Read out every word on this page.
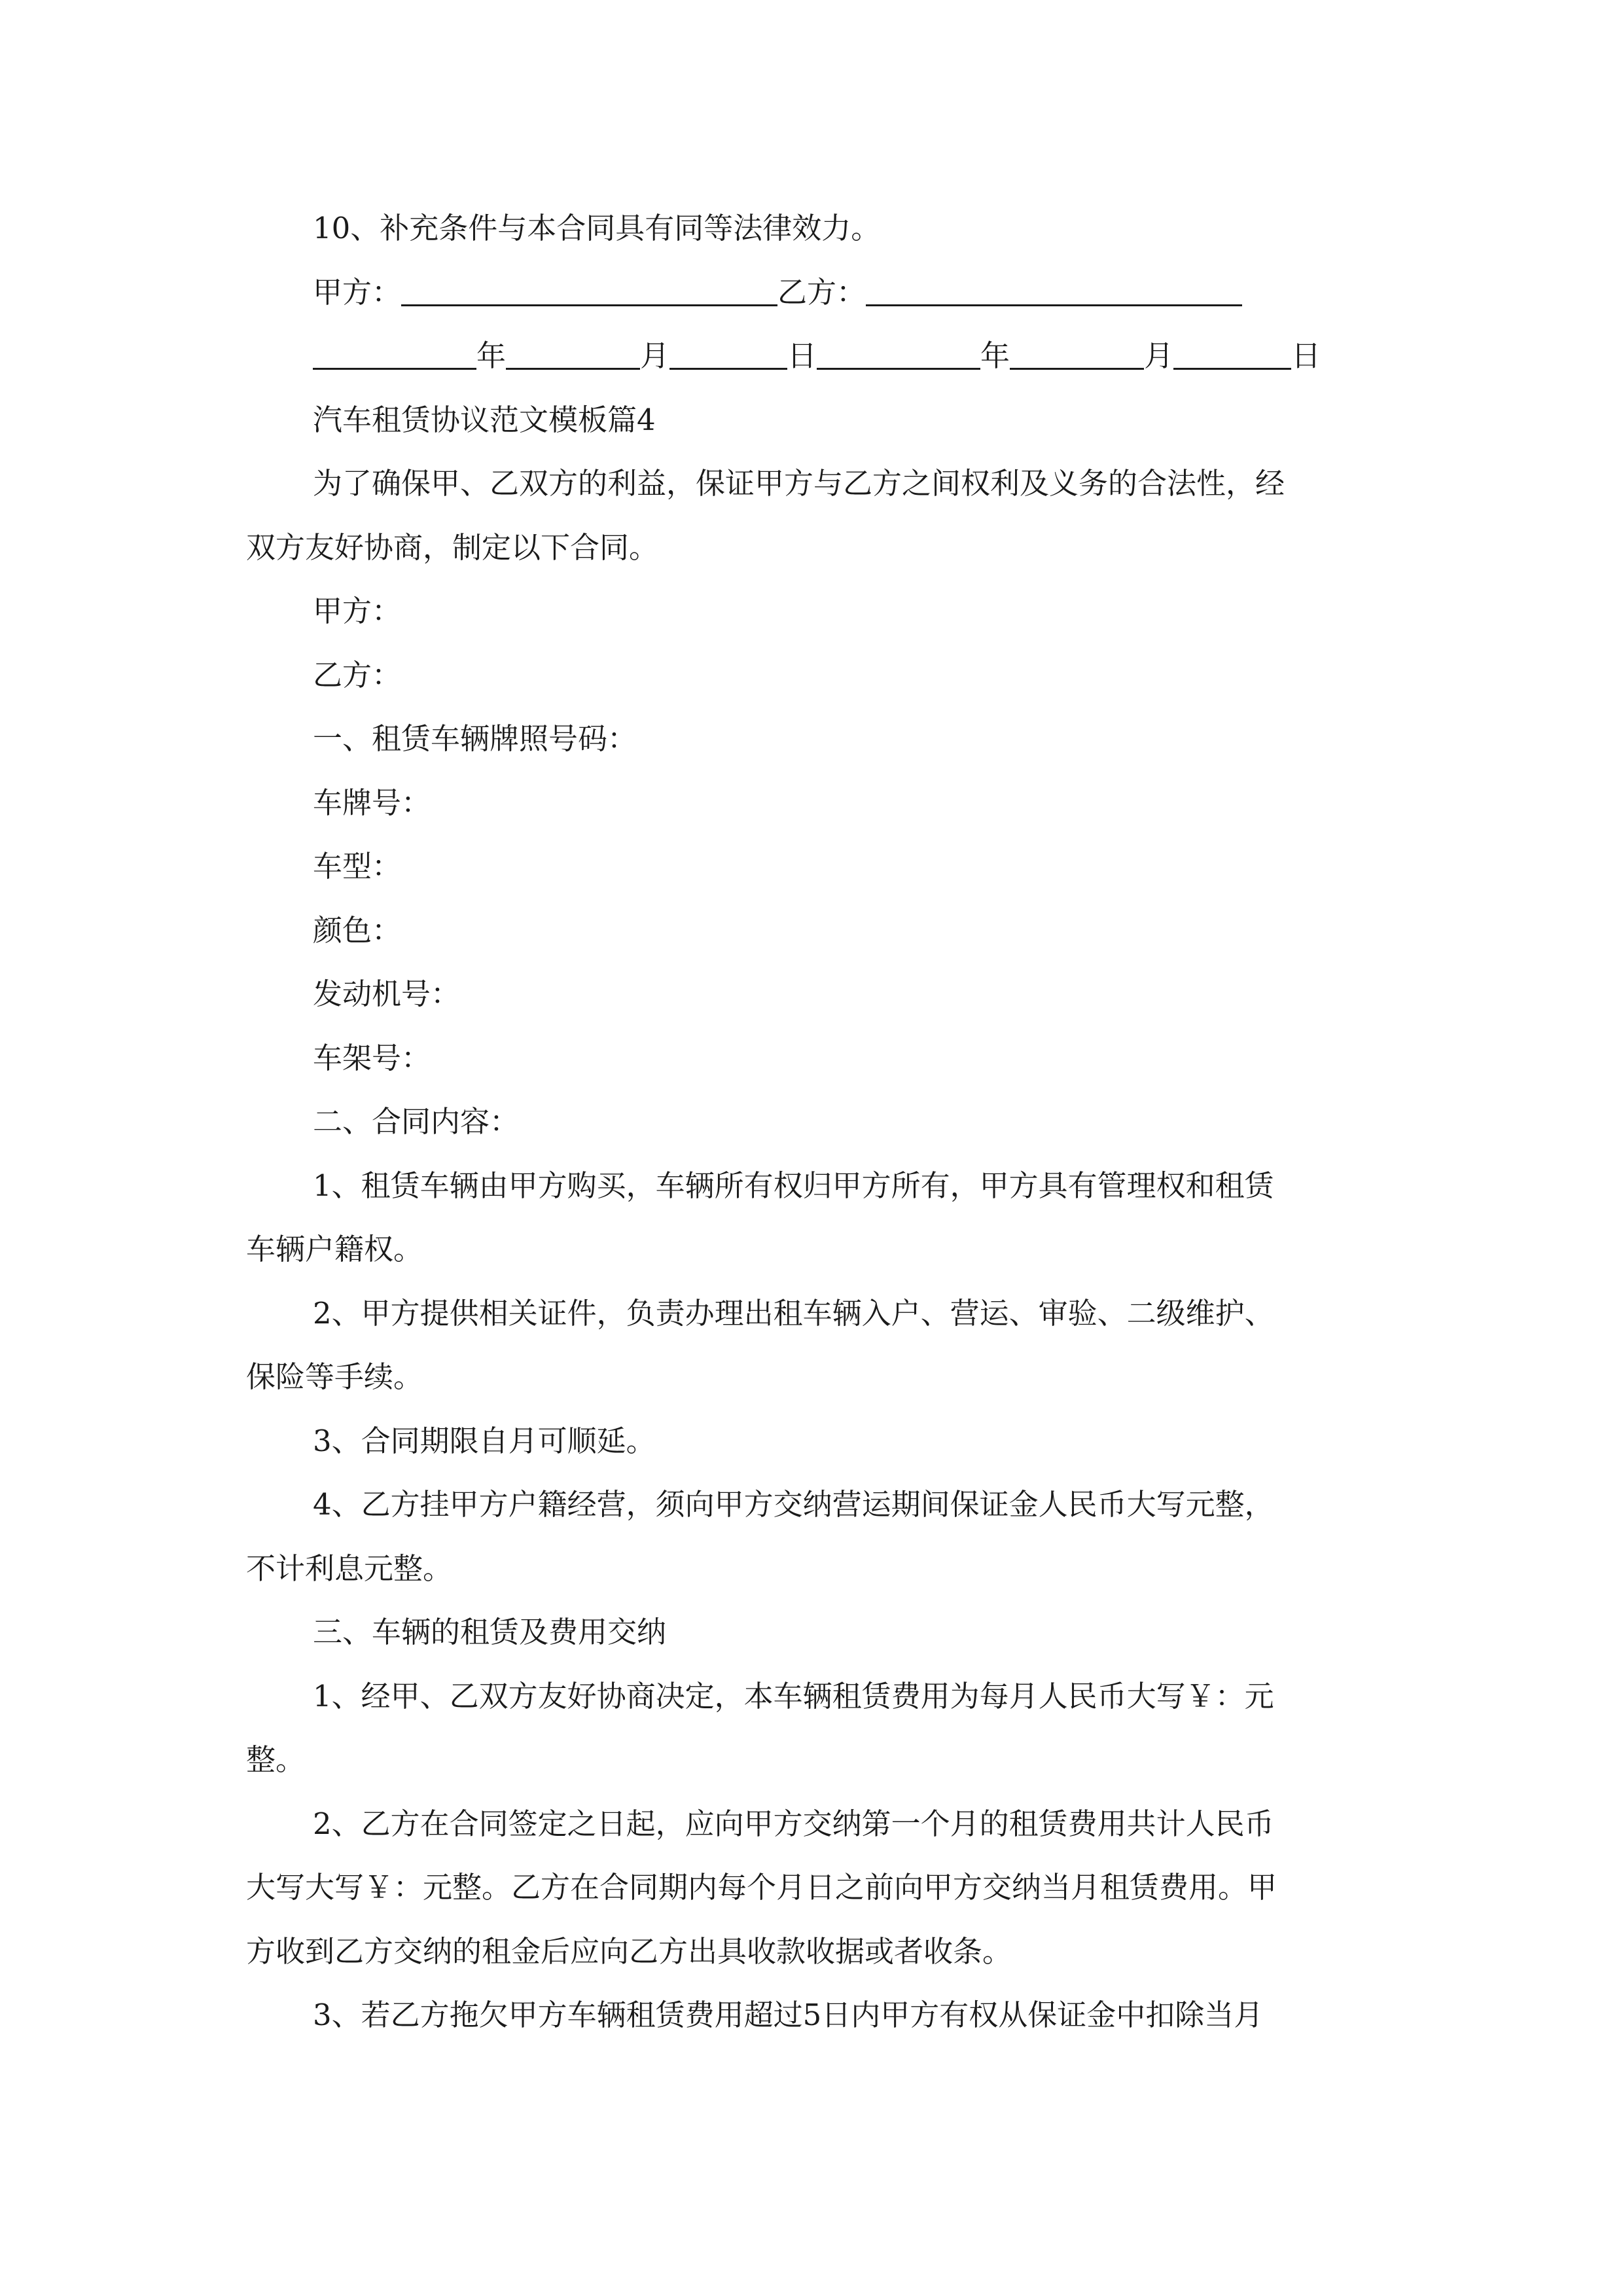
10、补充条件与本合同具有同等法律效力。
甲方：	乙方：
年	月	日	年	月	日
汽车租赁协议范文模板篇4
为了确保甲、乙双方的利益，保证甲方与乙方之间权利及义务的合法性，经
双方友好协商，制定以下合同。
甲方：
乙方：
一、租赁车辆牌照号码：
车牌号：
车型：
颜色：
发动机号：
车架号：
二、合同内容：
1、租赁车辆由甲方购买，车辆所有权归甲方所有，甲方具有管理权和租赁
车辆户籍权。
2、甲方提供相关证件，负责办理出租车辆入户、营运、审验、二级维护、
保险等手续。
3、合同期限自月可顺延。
4、乙方挂甲方户籍经营，须向甲方交纳营运期间保证金人民币大写元整，
不计利息元整。
三、车辆的租赁及费用交纳
1、经甲、乙双方友好协商决定，本车辆租赁费用为每月人民币大写￥：元
整。
2、乙方在合同签定之日起，应向甲方交纳第一个月的租赁费用共计人民币
大写大写￥：元整。乙方在合同期内每个月日之前向甲方交纳当月租赁费用。甲
方收到乙方交纳的租金后应向乙方出具收款收据或者收条。
3、若乙方拖欠甲方车辆租赁费用超过5日内甲方有权从保证金中扣除当月
